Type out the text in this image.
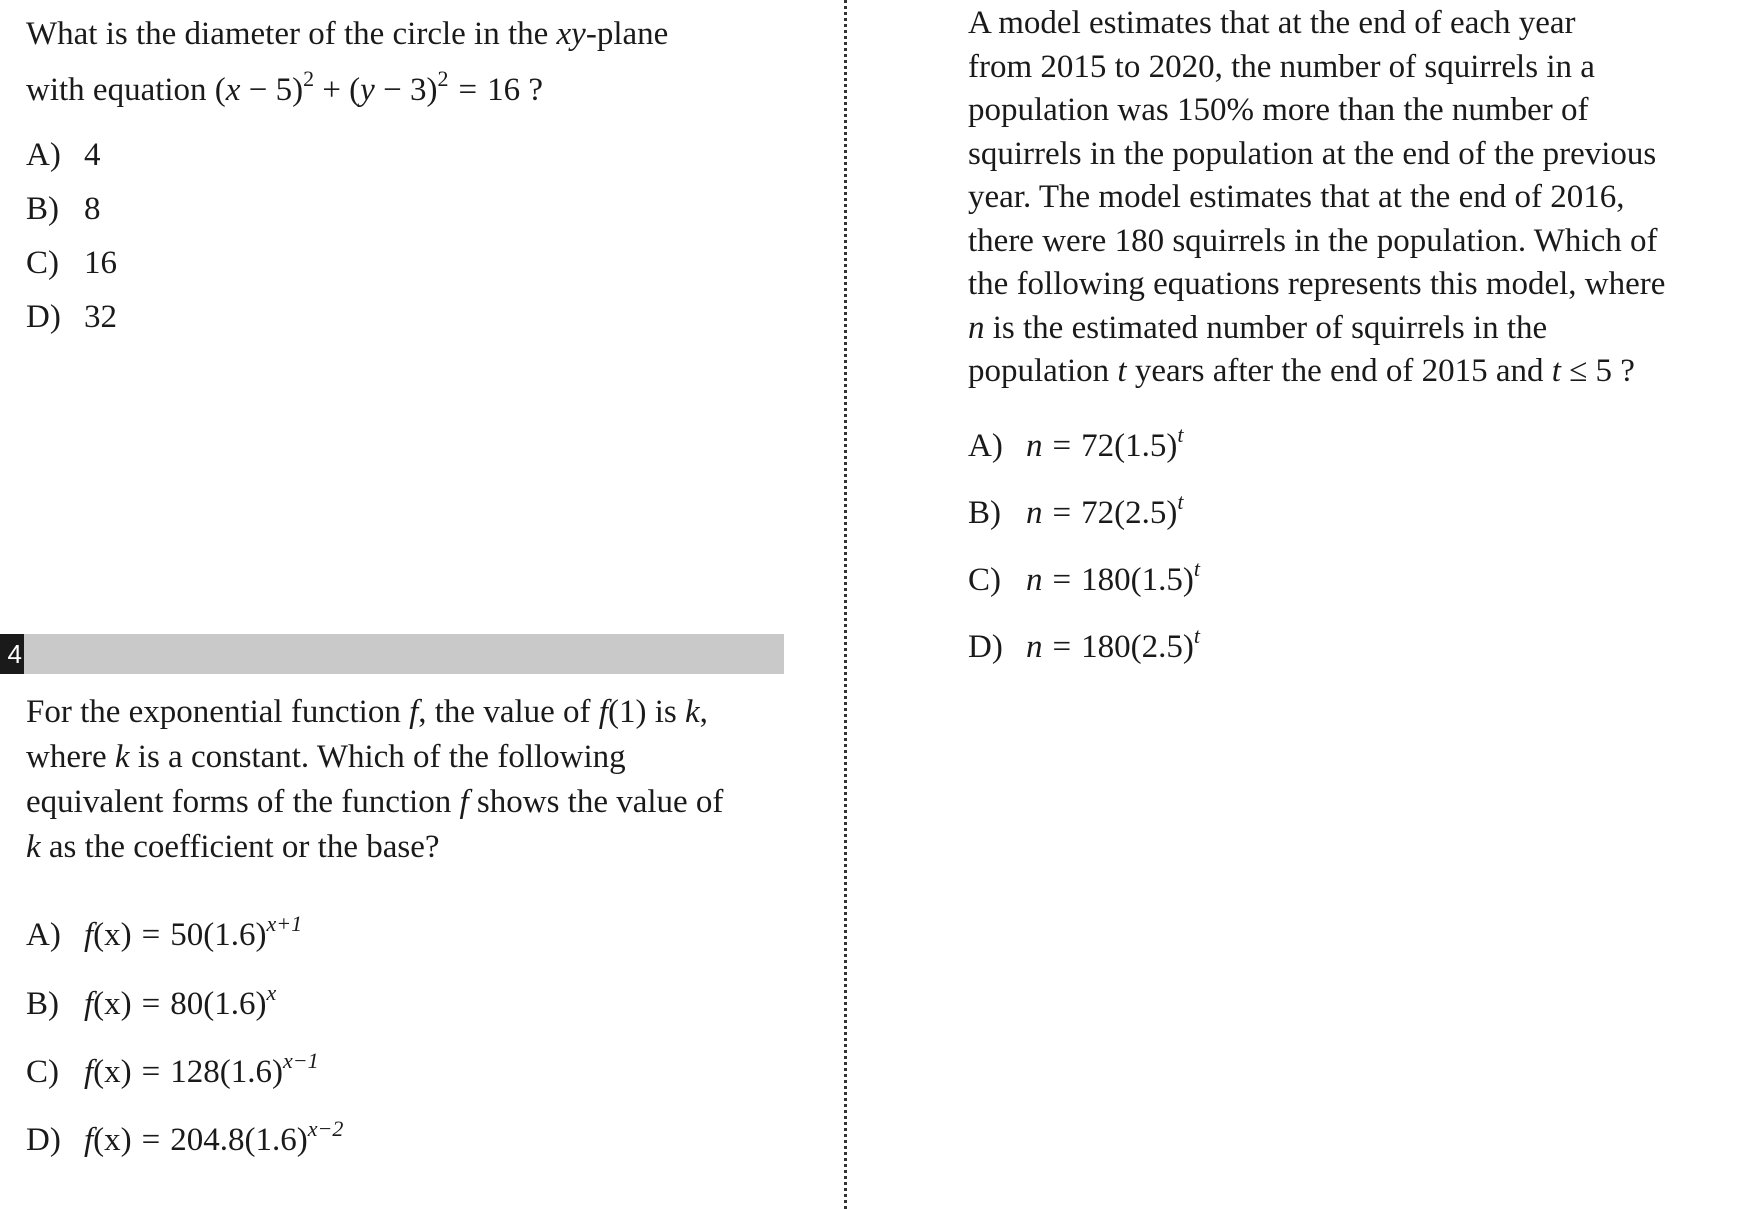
What is the diameter of the circle in the xy-plane
with equation $(x - 5)^2 + (y - 3)^2 = 16$ ?
A) 4
B) 8
C) 16
D) 32
4
For the exponential function f, the value of f(1) is k,
where k is a constant. Which of the following
equivalent forms of the function f shows the value of
k as the coefficient or the base?
A) $f(x) = 50(1.6)^{x+1}$
B) $f(x) = 80(1.6)^x$
C) $f(x) = 128(1.6)^{x-1}$
D) $f(x) = 204.8(1.6)^{x-2}$
A model estimates that at the end of each year
from 2015 to 2020, the number of squirrels in a
population was 150% more than the number of
squirrels in the population at the end of the previous
year. The model estimates that at the end of 2016,
there were 180 squirrels in the population. Which of
the following equations represents this model, where
n is the estimated number of squirrels in the
population t years after the end of 2015 and t ≤ 5 ?
A) $n = 72(1.5)^t$
B) $n = 72(2.5)^t$
C) $n = 180(1.5)^t$
D) $n = 180(2.5)^t$
